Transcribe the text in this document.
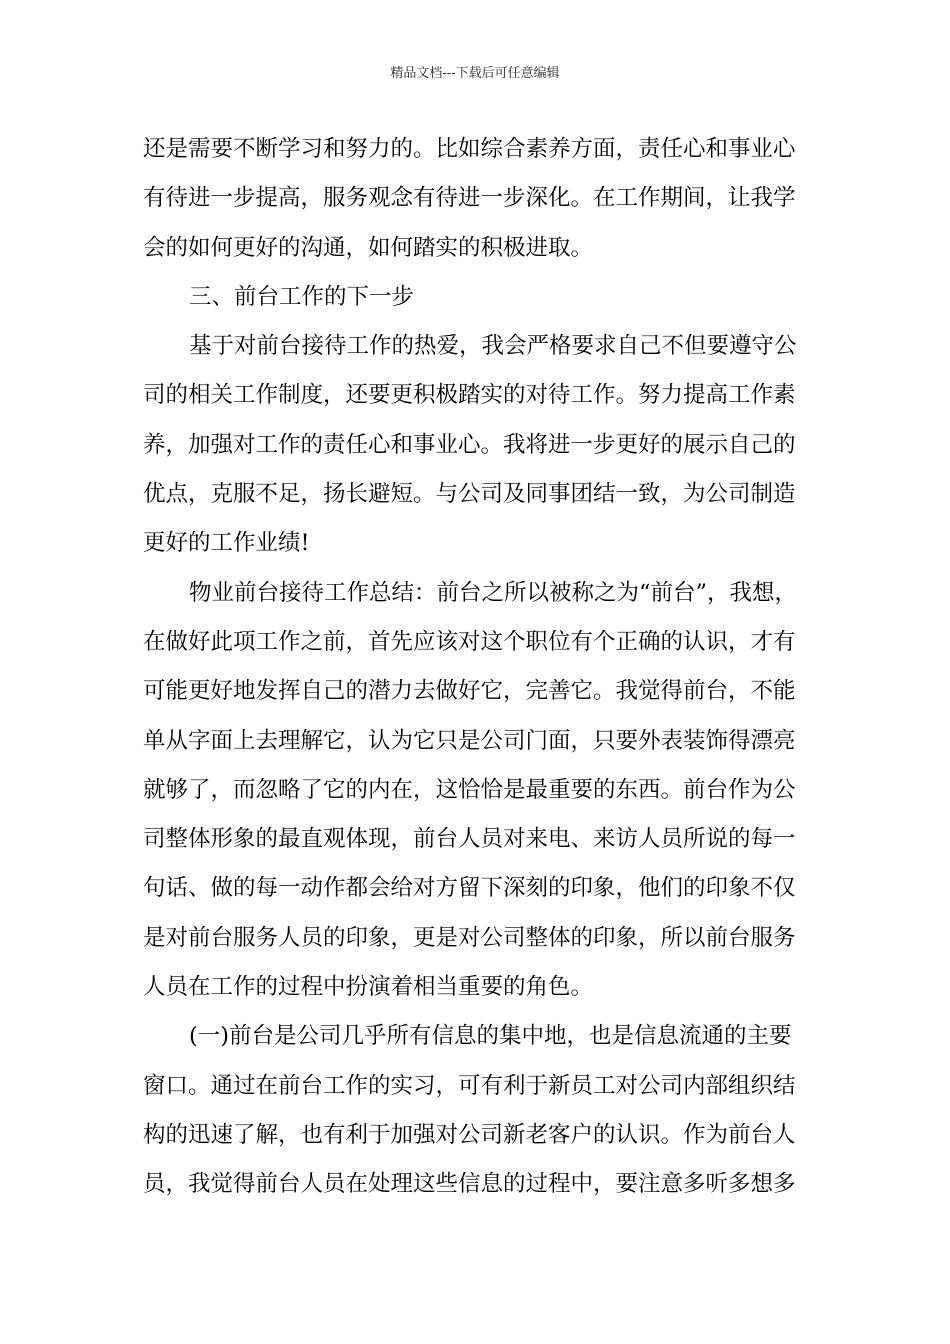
精品文档---下载后可任意编辑
还是需要不断学习和努力的。比如综合素养方面，责任心和事业心
有待进一步提高，服务观念有待进一步深化。在工作期间，让我学
会的如何更好的沟通，如何踏实的积极进取。
三、前台工作的下一步
基于对前台接待工作的热爱，我会严格要求自己不但要遵守公
司的相关工作制度，还要更积极踏实的对待工作。努力提高工作素
养，加强对工作的责任心和事业心。我将进一步更好的展示自己的
优点，克服不足，扬长避短。与公司及同事团结一致，为公司制造
更好的工作业绩!
物业前台接待工作总结：前台之所以被称之为“前台”，我想，
在做好此项工作之前，首先应该对这个职位有个正确的认识，才有
可能更好地发挥自己的潜力去做好它，完善它。我觉得前台，不能
单从字面上去理解它，认为它只是公司门面，只要外表装饰得漂亮
就够了，而忽略了它的内在，这恰恰是最重要的东西。前台作为公
司整体形象的最直观体现，前台人员对来电、来访人员所说的每一
句话、做的每一动作都会给对方留下深刻的印象，他们的印象不仅
是对前台服务人员的印象，更是对公司整体的印象，所以前台服务
人员在工作的过程中扮演着相当重要的角色。
(一)前台是公司几乎所有信息的集中地，也是信息流通的主要
窗口。通过在前台工作的实习，可有利于新员工对公司内部组织结
构的迅速了解，也有利于加强对公司新老客户的认识。作为前台人
员，我觉得前台人员在处理这些信息的过程中，要注意多听多想多
